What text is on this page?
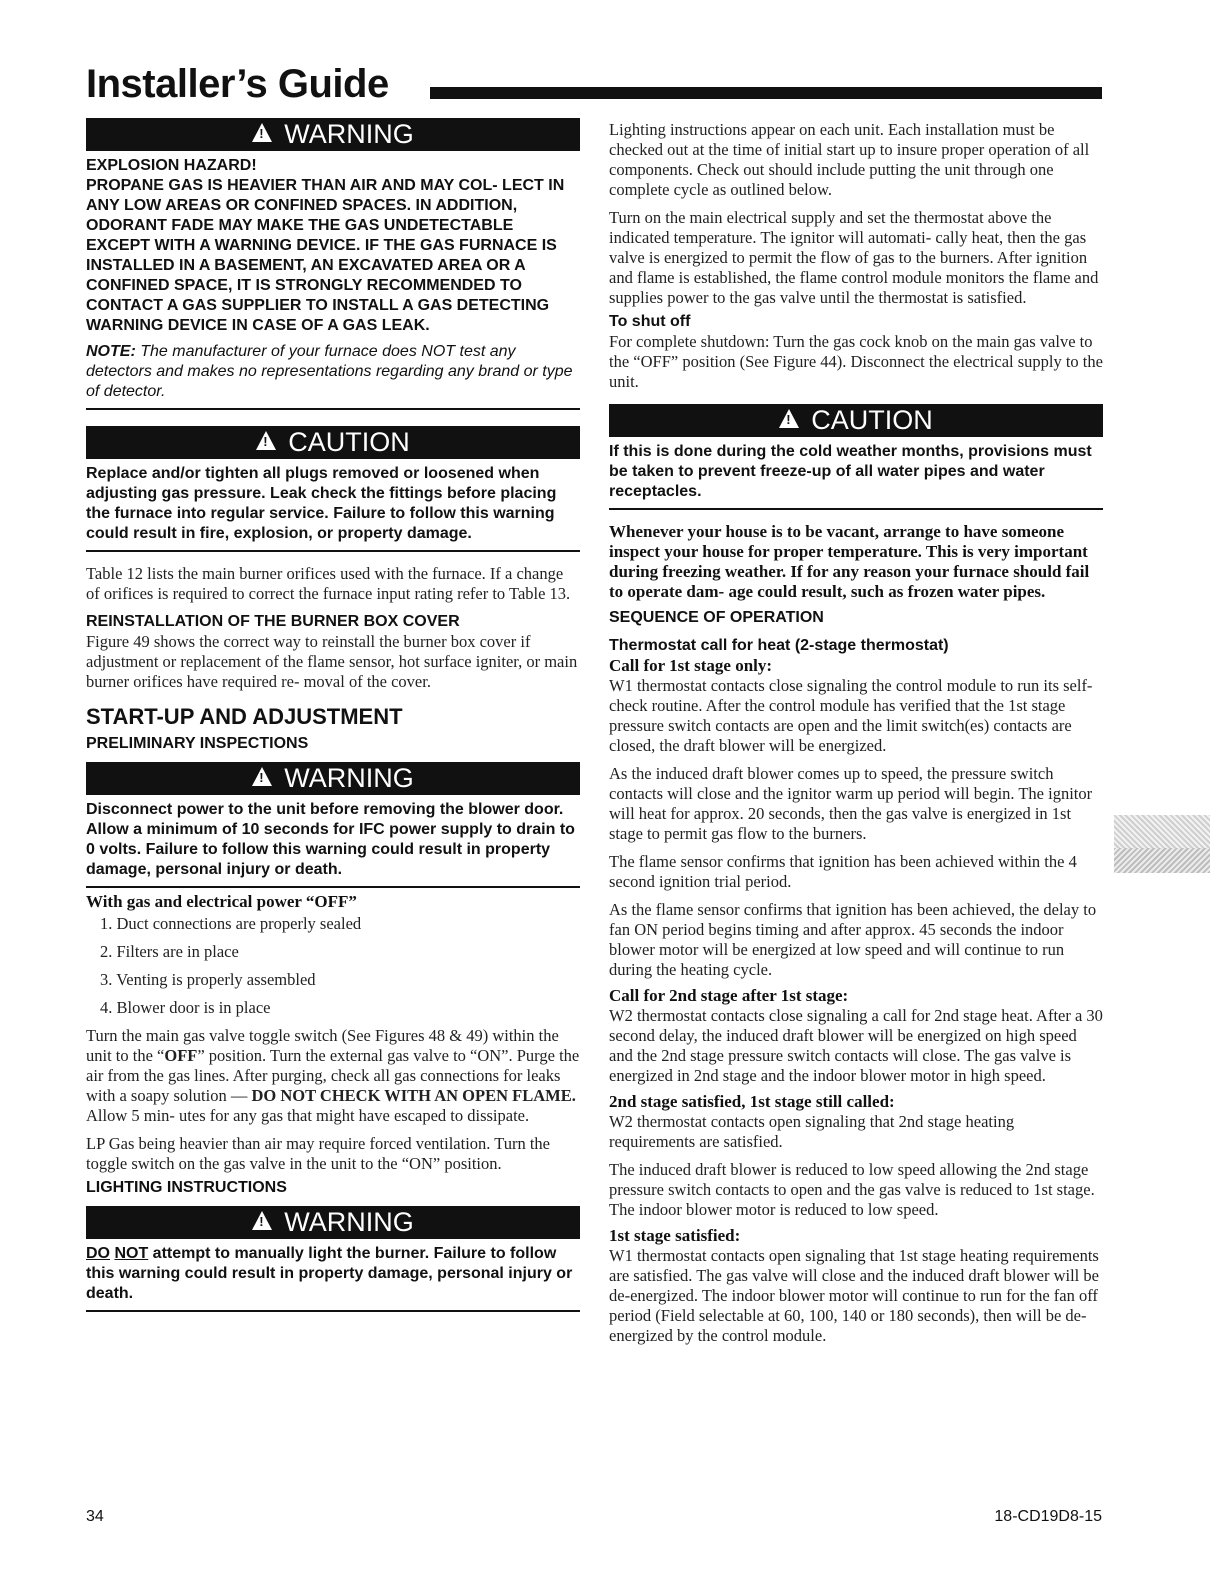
Installer’s Guide
!WARNING

EXPLOSION HAZARD!

PROPANE GAS IS HEAVIER THAN AIR AND MAY COL- LECT IN ANY LOW AREAS OR CONFINED SPACES. IN ADDITION, ODORANT FADE MAY MAKE THE GAS UNDETECTABLE EXCEPT WITH A WARNING DEVICE. IF THE GAS FURNACE IS INSTALLED IN A BASEMENT, AN EXCAVATED AREA OR A CONFINED SPACE, IT IS STRONGLY RECOMMENDED TO CONTACT A GAS SUPPLIER TO INSTALL A GAS DETECTING WARNING DEVICE IN CASE OF A GAS LEAK.

NOTE: The manufacturer of your furnace does NOT test any detectors and makes no representations regarding any brand or type of detector.

!CAUTION

Replace and/or tighten all plugs removed or loosened when adjusting gas pressure. Leak check the fittings before placing the furnace into regular service. Failure to follow this warning could result in fire, explosion, or property damage.

Table 12 lists the main burner orifices used with the furnace. If a change of orifices is required to correct the furnace input rating refer to Table 13.

REINSTALLATION OF THE BURNER BOX COVER

Figure 49 shows the correct way to reinstall the burner box cover if adjustment or replacement of the flame sensor, hot surface igniter, or main burner orifices have required re- moval of the cover.

START-UP AND ADJUSTMENT

PRELIMINARY INSPECTIONS

!WARNING

Disconnect power to the unit before removing the blower door. Allow a minimum of 10 seconds for IFC power supply to drain to 0 volts. Failure to follow this warning could result in property damage, personal injury or death.

With gas and electrical power “OFF”

1. Duct connections are properly sealed
2. Filters are in place
3. Venting is properly assembled
4. Blower door is in place

Turn the main gas valve toggle switch (See Figures 48 & 49) within the unit to the “OFF” position. Turn the external gas valve to “ON”. Purge the air from the gas lines. After purging, check all gas connections for leaks with a soapy solution — DO NOT CHECK WITH AN OPEN FLAME. Allow 5 min- utes for any gas that might have escaped to dissipate.

LP Gas being heavier than air may require forced ventilation. Turn the toggle switch on the gas valve in the unit to the “ON” position.

LIGHTING INSTRUCTIONS

!WARNING

DO NOT attempt to manually light the burner. Failure to follow this warning could result in property damage, personal injury or death.

Lighting instructions appear on each unit. Each installation must be checked out at the time of initial start up to insure proper operation of all components. Check out should include putting the unit through one complete cycle as outlined below.

Turn on the main electrical supply and set the thermostat above the indicated temperature. The ignitor will automati- cally heat, then the gas valve is energized to permit the flow of gas to the burners. After ignition and flame is established, the flame control module monitors the flame and supplies power to the gas valve until the thermostat is satisfied.

To shut off

For complete shutdown: Turn the gas cock knob on the main gas valve to the “OFF” position (See Figure 44). Disconnect the electrical supply to the unit.

!CAUTION

If this is done during the cold weather months, provisions must be taken to prevent freeze-up of all water pipes and water receptacles.

Whenever your house is to be vacant, arrange to have someone inspect your house for proper temperature. This is very important during freezing weather. If for any reason your furnace should fail to operate dam- age could result, such as frozen water pipes.

SEQUENCE OF OPERATION

Thermostat call for heat (2-stage thermostat)

Call for 1st stage only:

W1 thermostat contacts close signaling the control module to run its self-check routine. After the control module has verified that the 1st stage pressure switch contacts are open and the limit switch(es) contacts are closed, the draft blower will be energized.

As the induced draft blower comes up to speed, the pressure switch contacts will close and the ignitor warm up period will begin. The ignitor will heat for approx. 20 seconds, then the gas valve is energized in 1st stage to permit gas flow to the burners.

The flame sensor confirms that ignition has been achieved within the 4 second ignition trial period.

As the flame sensor confirms that ignition has been achieved, the delay to fan ON period begins timing and after approx. 45 seconds the indoor blower motor will be energized at low speed and will continue to run during the heating cycle.

Call for 2nd stage after 1st stage:

W2 thermostat contacts close signaling a call for 2nd stage heat. After a 30 second delay, the induced draft blower will be energized on high speed and the 2nd stage pressure switch contacts will close. The gas valve is energized in 2nd stage and the indoor blower motor in high speed.

2nd stage satisfied, 1st stage still called:

W2 thermostat contacts open signaling that 2nd stage heating requirements are satisfied.

The induced draft blower is reduced to low speed allowing the 2nd stage pressure switch contacts to open and the gas valve is reduced to 1st stage. The indoor blower motor is reduced to low speed.

1st stage satisfied:

W1 thermostat contacts open signaling that 1st stage heating requirements are satisfied. The gas valve will close and the induced draft blower will be de-energized. The indoor blower motor will continue to run for the fan off period (Field selectable at 60, 100, 140 or 180 seconds), then will be de-energized by the control module.

34	18-CD19D8-15
